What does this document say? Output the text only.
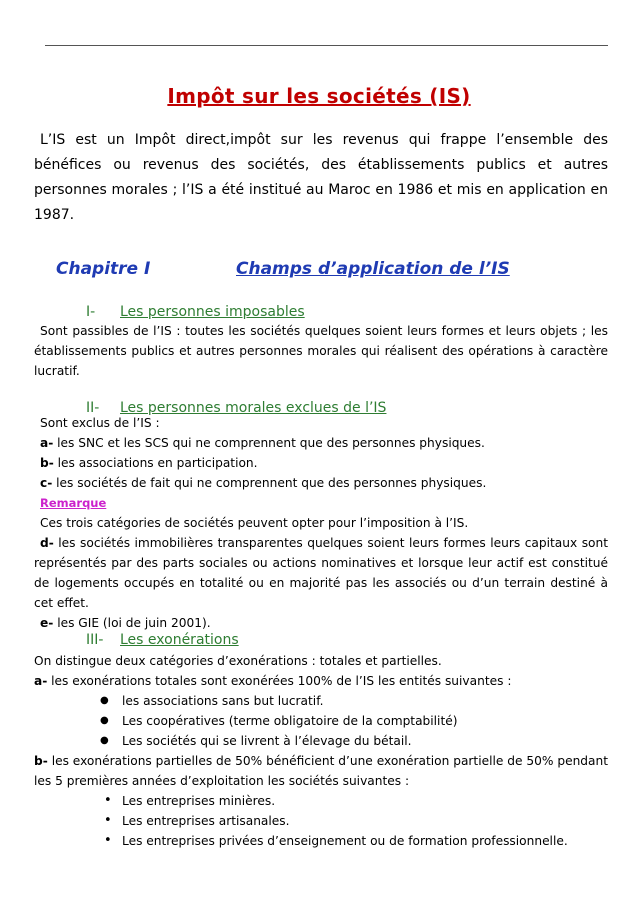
Impôt sur les sociétés (IS)
L’IS est un Impôt direct,impôt sur les revenus qui frappe l’ensemble des bénéfices ou revenus des sociétés, des établissements publics et autres personnes morales ; l’IS a été institué au Maroc en 1986 et mis en application en 1987.
Chapitre I	Champs d’application de l’IS
I- Les personnes imposables
Sont passibles de l’IS : toutes les sociétés quelques soient leurs formes et leurs objets ; les établissements publics et autres personnes morales qui réalisent des opérations à caractère lucratif.
II- Les personnes morales exclues de l’IS
Sont exclus de l’IS :
a- les SNC et les SCS qui ne comprennent que des personnes physiques.
b- les associations en participation.
c- les sociétés de fait qui ne comprennent que des personnes physiques.
Remarque
Ces trois catégories de sociétés peuvent opter pour l’imposition à l’IS.
d- les sociétés immobilières transparentes quelques soient leurs formes leurs capitaux sont représentés par des parts sociales ou actions nominatives et lorsque leur actif est constitué de logements occupés en totalité ou en majorité pas les associés ou d’un terrain destiné à cet effet.
e- les GIE (loi de juin 2001).
III- Les exonérations
On distingue deux catégories d’exonérations : totales et partielles.
a- les exonérations totales sont exonérées 100% de l’IS les entités suivantes :
● les associations sans but lucratif.
● Les coopératives (terme obligatoire de la comptabilité)
● Les sociétés qui se livrent à l’élevage du bétail.
b- les exonérations partielles de 50% bénéficient d’une exonération partielle de 50% pendant les 5 premières années d’exploitation les sociétés suivantes :
• Les entreprises minières.
• Les entreprises artisanales.
• Les entreprises privées d’enseignement ou de formation professionnelle.
